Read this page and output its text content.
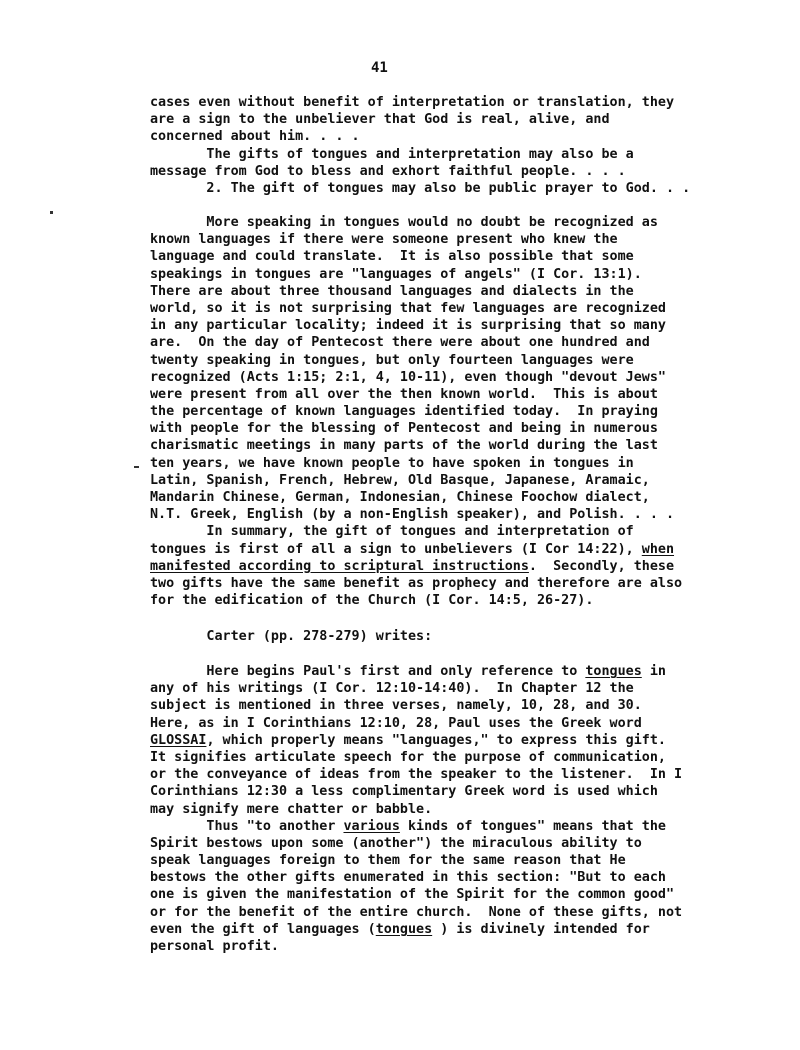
41
cases even without benefit of interpretation or translation, they
are a sign to the unbeliever that God is real, alive, and
concerned about him. . . .
The gifts of tongues and interpretation may also be a
message from God to bless and exhort faithful people. . . .
2. The gift of tongues may also be public prayer to God. . .
More speaking in tongues would no doubt be recognized as
known languages if there were someone present who knew the
language and could translate.  It is also possible that some
speakings in tongues are "languages of angels" (I Cor. 13:1).
There are about three thousand languages and dialects in the
world, so it is not surprising that few languages are recognized
in any particular locality; indeed it is surprising that so many
are.  On the day of Pentecost there were about one hundred and
twenty speaking in tongues, but only fourteen languages were
recognized (Acts 1:15; 2:1, 4, 10-11), even though "devout Jews"
were present from all over the then known world.  This is about
the percentage of known languages identified today.  In praying
with people for the blessing of Pentecost and being in numerous
charismatic meetings in many parts of the world during the last
ten years, we have known people to have spoken in tongues in
Latin, Spanish, French, Hebrew, Old Basque, Japanese, Aramaic,
Mandarin Chinese, German, Indonesian, Chinese Foochow dialect,
N.T. Greek, English (by a non-English speaker), and Polish. . . .
In summary, the gift of tongues and interpretation of
tongues is first of all a sign to unbelievers (I Cor 14:22), when
manifested according to scriptural instructions.  Secondly, these
two gifts have the same benefit as prophecy and therefore are also
for the edification of the Church (I Cor. 14:5, 26-27).
Carter (pp. 278-279) writes:
Here begins Paul's first and only reference to tongues in
any of his writings (I Cor. 12:10-14:40).  In Chapter 12 the
subject is mentioned in three verses, namely, 10, 28, and 30.
Here, as in I Corinthians 12:10, 28, Paul uses the Greek word
GLOSSAI, which properly means "languages," to express this gift.
It signifies articulate speech for the purpose of communication,
or the conveyance of ideas from the speaker to the listener.  In I
Corinthians 12:30 a less complimentary Greek word is used which
may signify mere chatter or babble.
Thus "to another various kinds of tongues" means that the
Spirit bestows upon some (another") the miraculous ability to
speak languages foreign to them for the same reason that He
bestows the other gifts enumerated in this section: "But to each
one is given the manifestation of the Spirit for the common good"
or for the benefit of the entire church.  None of these gifts, not
even the gift of languages (tongues ) is divinely intended for
personal profit.
